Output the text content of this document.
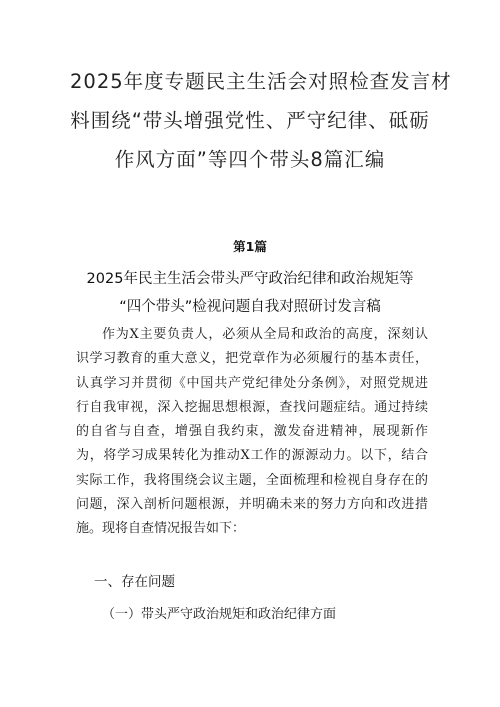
2025年度专题民主生活会对照检查发言材
料围绕“带头增强党性、严守纪律、砥砺
作风方面”等四个带头8篇汇编
第1篇
2025年民主生活会带头严守政治纪律和政治规矩等
“四个带头”检视问题自我对照研讨发言稿
作为X主要负责人，必须从全局和政治的高度，深刻认
识学习教育的重大意义，把党章作为必须履行的基本责任，
认真学习并贯彻《中国共产党纪律处分条例》，对照党规进
行自我审视，深入挖掘思想根源，查找问题症结。通过持续
的自省与自查，增强自我约束，激发奋进精神，展现新作
为，将学习成果转化为推动X工作的源源动力。以下，结合
实际工作，我将围绕会议主题，全面梳理和检视自身存在的
问题，深入剖析问题根源，并明确未来的努力方向和改进措
施。现将自查情况报告如下：
一、存在问题
（一）带头严守政治规矩和政治纪律方面
